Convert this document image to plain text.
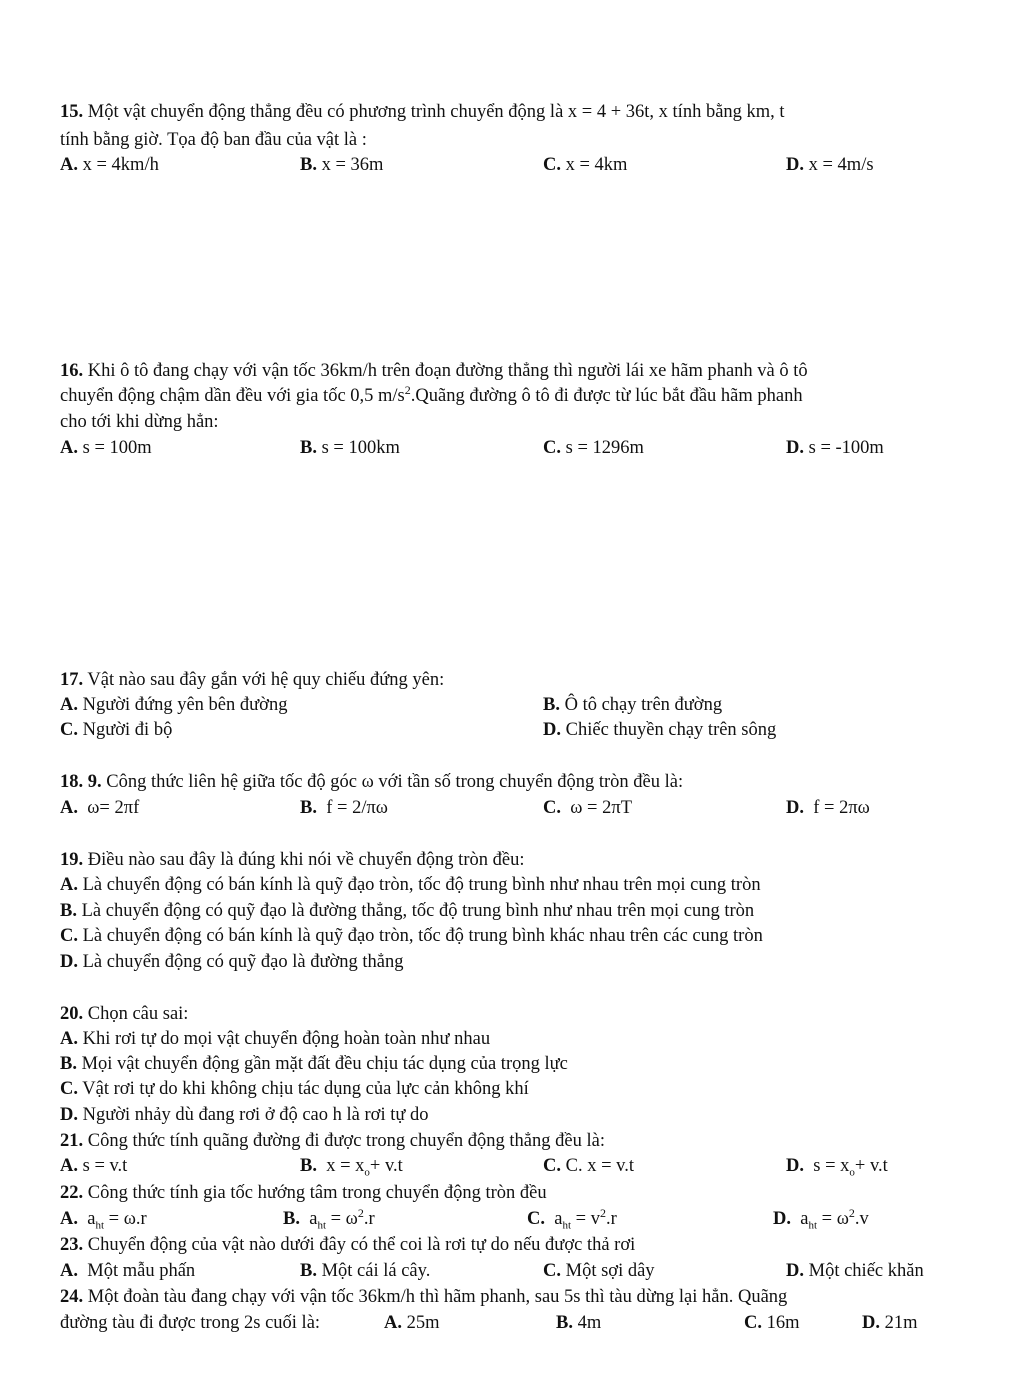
15. Một vật chuyển động thẳng đều có phương trình chuyển động là x = 4 + 36t, x tính bằng km, t
tính bằng giờ. Tọa độ ban đầu của vật là :
A. x = 4km/h	B. x = 36m	C. x = 4km	D. x = 4m/s
16. Khi ô tô đang chạy với vận tốc 36km/h trên đoạn đường thẳng thì người lái xe hãm phanh và ô tô
chuyển động chậm dần đều với gia tốc 0,5 $m/s^2.Quãng$ đường ô tô đi được từ lúc bắt đầu hãm phanh
cho tới khi dừng hẳn:
A. s = 100m	B. s = 100km	C. s = 1296m	D. s = -100m
17. Vật nào sau đây gắn với hệ quy chiếu đứng yên:
A. Người đứng yên bên đường	B. Ô tô chạy trên đường
C. Người đi bộ	D. Chiếc thuyền chạy trên sông
18. 9. Công thức liên hệ giữa tốc độ góc ω với tần số trong chuyển động tròn đều là:
A. ω= 2πf	B. f = 2/πω	C. ω = 2πT	D. f = 2πω
19. Điều nào sau đây là đúng khi nói về chuyển động tròn đều:
A. Là chuyển động có bán kính là quỹ đạo tròn, tốc độ trung bình như nhau trên mọi cung tròn
B. Là chuyển động có quỹ đạo là đường thẳng, tốc độ trung bình như nhau trên mọi cung tròn
C. Là chuyển động có bán kính là quỹ đạo tròn, tốc độ trung bình khác nhau trên các cung tròn
D. Là chuyển động có quỹ đạo là đường thẳng
20. Chọn câu sai:
A. Khi rơi tự do mọi vật chuyển động hoàn toàn như nhau
B. Mọi vật chuyển động gần mặt đất đều chịu tác dụng của trọng lực
C. Vật rơi tự do khi không chịu tác dụng của lực cản không khí
D. Người nhảy dù đang rơi ở độ cao h là rơi tự do
21. Công thức tính quãng đường đi được trong chuyển động thẳng đều là:
A. s = v.t	B. $x = x_o+ v.t$	C. C. x = v.t	D. $s = x_o+ v.t$
22. Công thức tính gia tốc hướng tâm trong chuyển động tròn đều
A. $a_{ht} = \omega.r$	B. $a_{ht} = \omega^2.r$	C. $a_{ht} = v^2.r$	D. $a_{ht} = \omega^2.v$
23. Chuyển động của vật nào dưới đây có thể coi là rơi tự do nếu được thả rơi
A. Một mẫu phấn	B. Một cái lá cây.	C. Một sợi dây	D. Một chiếc khăn
24. Một đoàn tàu đang chạy với vận tốc 36km/h thì hãm phanh, sau 5s thì tàu dừng lại hẳn. Quãng
đường tàu đi được trong 2s cuối là:	A. 25m	B. 4m	C. 16m	D. 21m
